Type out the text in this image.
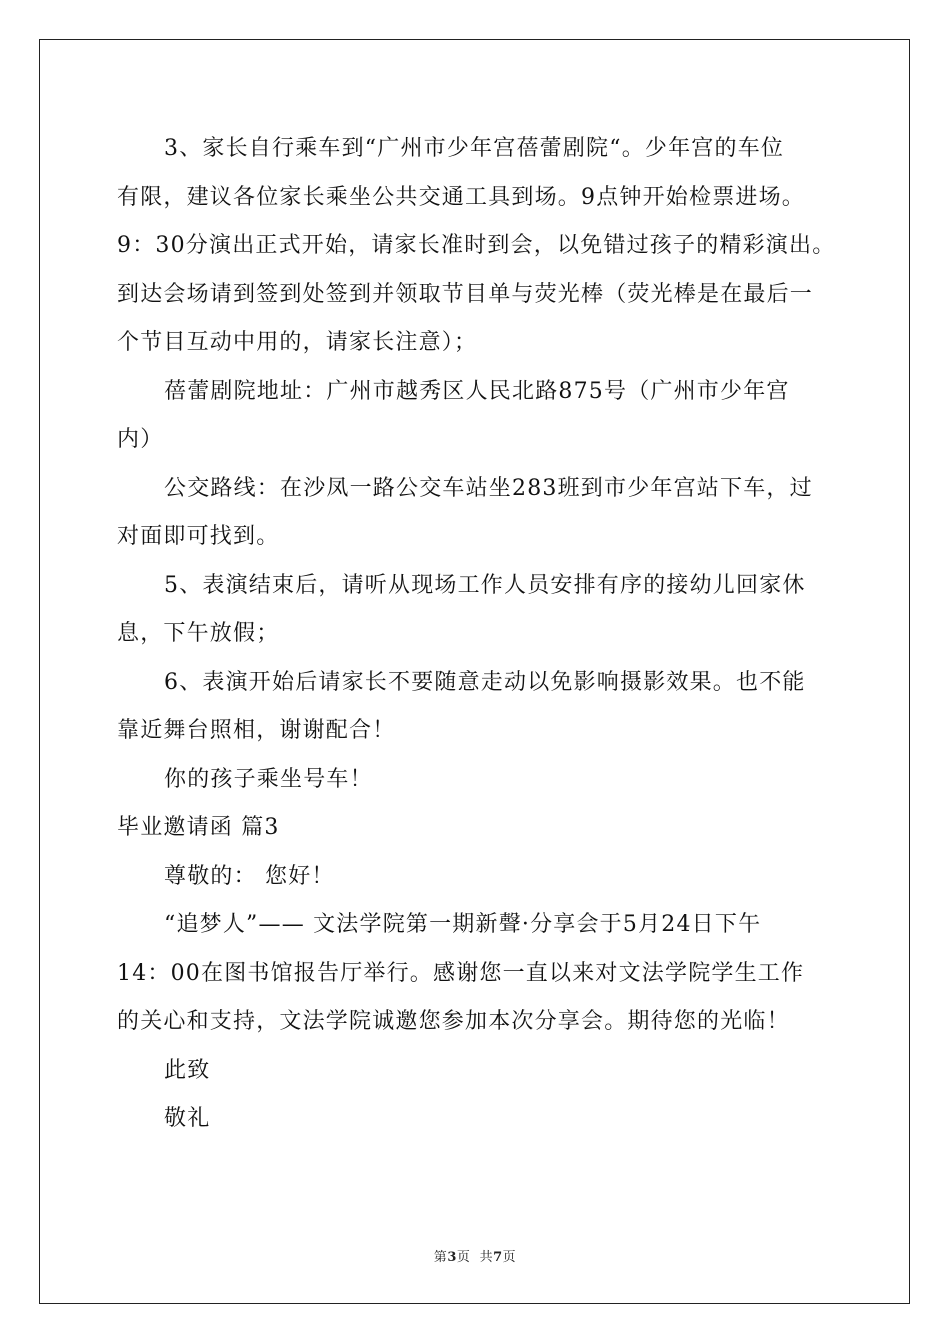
3、家长自行乘车到“广州市少年宫蓓蕾剧院“。少年宫的车位
有限，建议各位家长乘坐公共交通工具到场。9点钟开始检票进场。
9：30分演出正式开始，请家长准时到会，以免错过孩子的精彩演出。
到达会场请到签到处签到并领取节目单与荧光棒（荧光棒是在最后一
个节目互动中用的，请家长注意）；
蓓蕾剧院地址：广州市越秀区人民北路875号（广州市少年宫
内）
公交路线：在沙凤一路公交车站坐283班到市少年宫站下车，过
对面即可找到。
5、表演结束后，请听从现场工作人员安排有序的接幼儿回家休
息，下午放假；
6、表演开始后请家长不要随意走动以免影响摄影效果。也不能
靠近舞台照相，谢谢配合！
你的孩子乘坐号车！
毕业邀请函 篇3
尊敬的： 您好！
“追梦人”—— 文法学院第一期新聲·分享会于5月24日下午
14：00在图书馆报告厅举行。感谢您一直以来对文法学院学生工作
的关心和支持，文法学院诚邀您参加本次分享会。期待您的光临！
此致
敬礼
第3页  共7页
